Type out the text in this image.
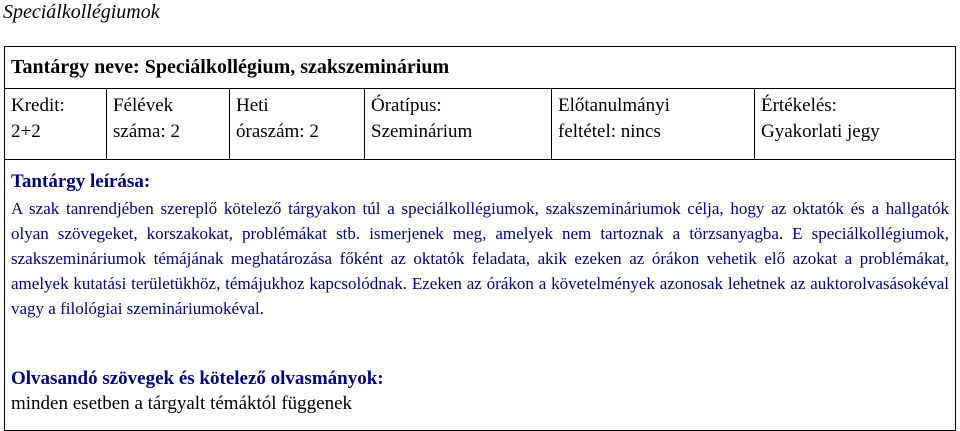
Speciálkollégiumok
Tantárgy neve: Speciálkollégium, szakszeminárium
Kredit:
2+2
Félévek
száma: 2
Heti
óraszám: 2
Óratípus:
Szeminárium
Előtanulmányi
feltétel: nincs
Értékelés:
Gyakorlati jegy
Tantárgy leírása:

A szak tanrendjében szereplő kötelező tárgyakon túl a speciálkollégiumok, szakszemináriumok célja, hogy az oktatók és a hallgatók olyan szövegeket, korszakokat, problémákat stb. ismerjenek meg, amelyek nem tartoznak a törzsanyagba. E speciálkollégiumok, szakszemináriumok témájának meghatározása főként az oktatók feladata, akik ezeken az órákon vehetik elő azokat a problémákat, amelyek kutatási területükhöz, témájukhoz kapcsolódnak. Ezeken az órákon a követelmények azonosak lehetnek az auktorolvasásokéval vagy a filológiai szemináriumokéval.

Olvasandó szövegek és kötelező olvasmányok:
minden esetben a tárgyalt témáktól függenek
